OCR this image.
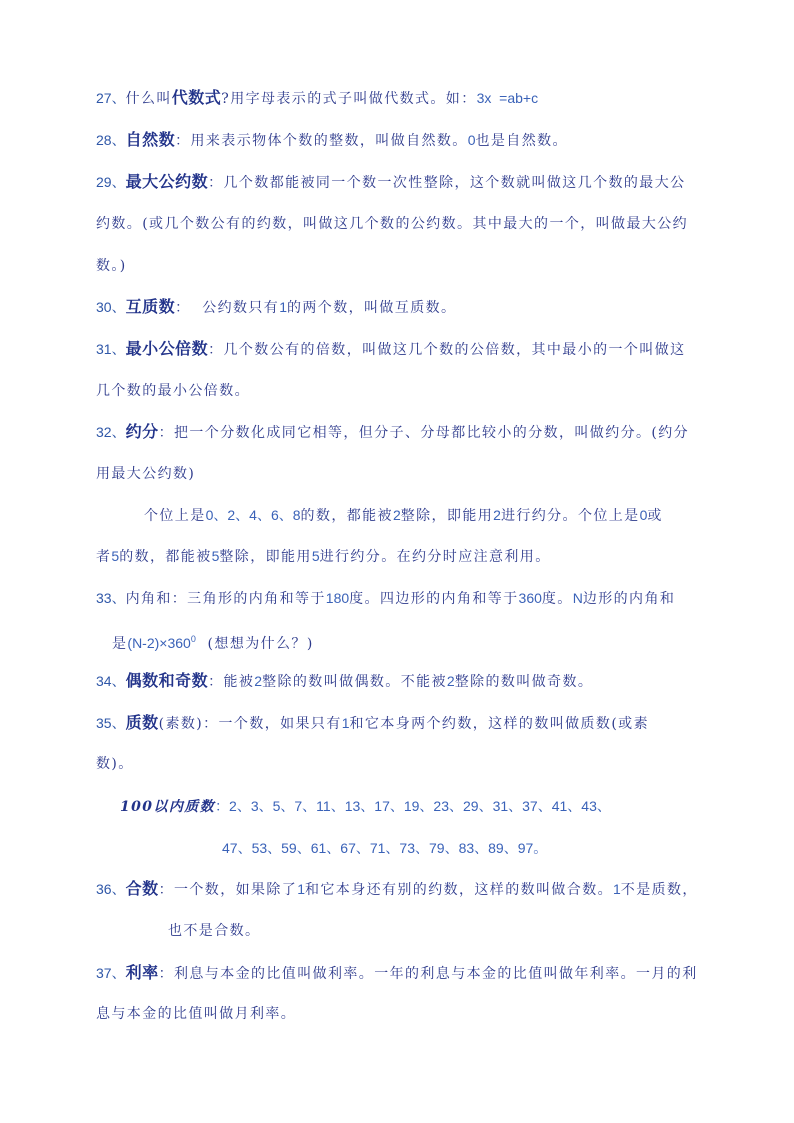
27、什么叫代数式?用字母表示的式子叫做代数式。如：3x  =ab+c
28、自然数：用来表示物体个数的整数，叫做自然数。0也是自然数。
29、最大公约数：几个数都能被同一个数一次性整除，这个数就叫做这几个数的最大公
约数。(或几个数公有的约数，叫做这几个数的公约数。其中最大的一个，叫做最大公约
数。)
30、互质数：  公约数只有1的两个数，叫做互质数。
31、最小公倍数：几个数公有的倍数，叫做这几个数的公倍数，其中最小的一个叫做这
几个数的最小公倍数。
32、约分：把一个分数化成同它相等，但分子、分母都比较小的分数，叫做约分。(约分
用最大公约数)
个位上是0、2、4、6、8的数，都能被2整除，即能用2进行约分。个位上是0或
者5的数，都能被5整除，即能用5进行约分。在约分时应注意利用。
33、内角和：三角形的内角和等于180度。四边形的内角和等于360度。N边形的内角和
是$(N-2)\times 360^0$  (想想为什么？)
34、偶数和奇数：能被2整除的数叫做偶数。不能被2整除的数叫做奇数。
35、质数(素数)：一个数，如果只有1和它本身两个约数，这样的数叫做质数(或素
数)。
100以内质数：2、3、5、7、11、13、17、19、23、29、31、37、41、43、
47、53、59、61、67、71、73、79、83、89、97。
36、合数：一个数，如果除了1和它本身还有别的约数，这样的数叫做合数。1不是质数，
也不是合数。
37、利率：利息与本金的比值叫做利率。一年的利息与本金的比值叫做年利率。一月的利
息与本金的比值叫做月利率。
